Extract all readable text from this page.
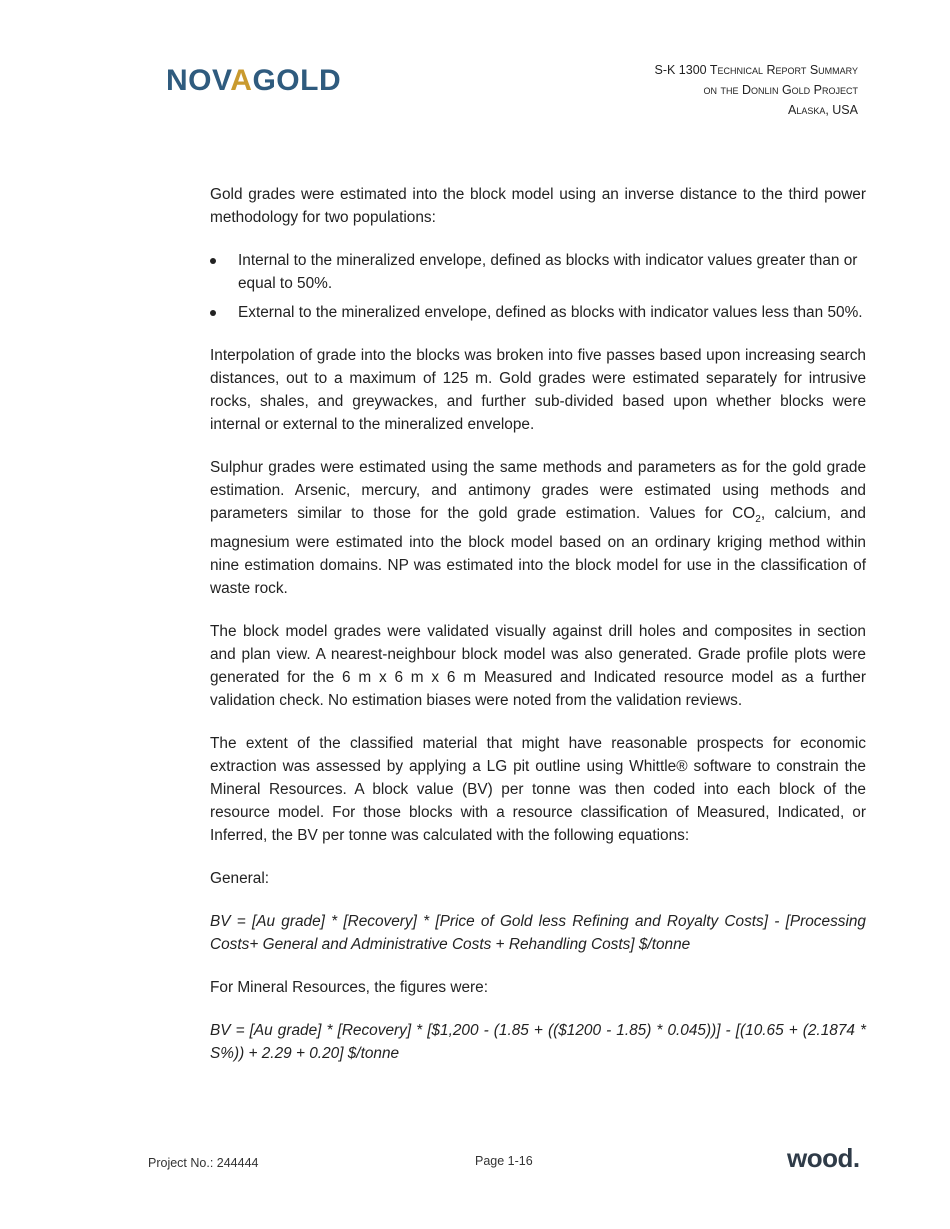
NOVAGOLD	S-K 1300 Technical Report Summary
on the Donlin Gold Project
Alaska, USA

Gold grades were estimated into the block model using an inverse distance to the third power methodology for two populations:

Internal to the mineralized envelope, defined as blocks with indicator values greater than or equal to 50%.
External to the mineralized envelope, defined as blocks with indicator values less than 50%.

Interpolation of grade into the blocks was broken into five passes based upon increasing search distances, out to a maximum of 125 m. Gold grades were estimated separately for intrusive rocks, shales, and greywackes, and further sub-divided based upon whether blocks were internal or external to the mineralized envelope.

Sulphur grades were estimated using the same methods and parameters as for the gold grade estimation. Arsenic, mercury, and antimony grades were estimated using methods and parameters similar to those for the gold grade estimation. Values for $CO_2$, calcium, and magnesium were estimated into the block model based on an ordinary kriging method within nine estimation domains. NP was estimated into the block model for use in the classification of waste rock.

The block model grades were validated visually against drill holes and composites in section and plan view. A nearest-neighbour block model was also generated. Grade profile plots were generated for the 6 m x 6 m x 6 m Measured and Indicated resource model as a further validation check. No estimation biases were noted from the validation reviews.

The extent of the classified material that might have reasonable prospects for economic extraction was assessed by applying a LG pit outline using Whittle® software to constrain the Mineral Resources. A block value (BV) per tonne was then coded into each block of the resource model. For those blocks with a resource classification of Measured, Indicated, or Inferred, the BV per tonne was calculated with the following equations:

General:

BV = [Au grade] * [Recovery] * [Price of Gold less Refining and Royalty Costs] - [Processing Costs+ General and Administrative Costs + Rehandling Costs] $/tonne

For Mineral Resources, the figures were:

BV = [Au grade] * [Recovery] * [$1,200 - (1.85 + (($1200 - 1.85) * 0.045))] - [(10.65 + (2.1874 * S%)) + 2.29 + 0.20] $/tonne

Project No.: 244444	Page 1-16	wood.
